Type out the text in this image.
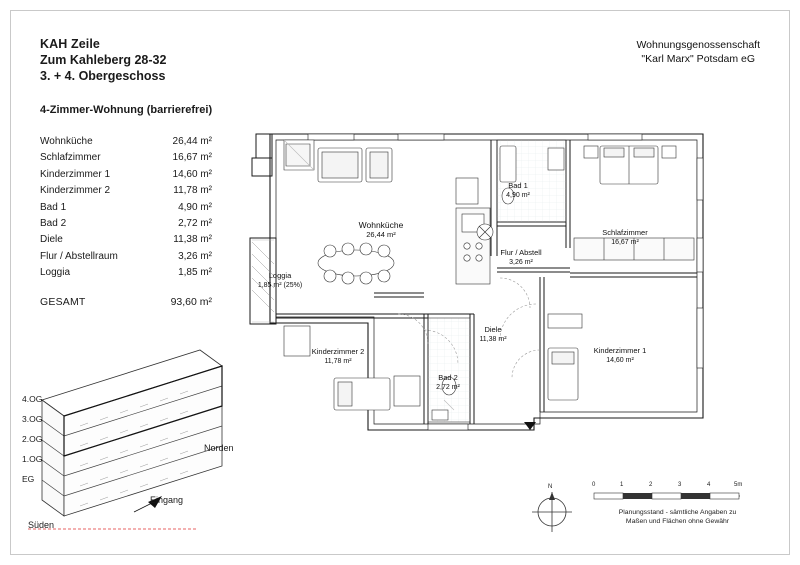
KAH Zeile
Zum Kahleberg 28-32
3. + 4. Obergeschoss
Wohnungsgenossenschaft
"Karl Marx" Potsdam eG
4-Zimmer-Wohnung (barrierefrei)
Wohnküche	26,44 m²
Schlafzimmer	16,67 m²
Kinderzimmer 1	14,60 m²
Kinderzimmer 2	11,78 m²
Bad 1	4,90 m²
Bad 2	2,72 m²
Diele	11,38 m²
Flur / Abstellraum	3,26 m²
Loggia	1,85 m²
GESAMT	93,60 m²
4.OG
3.OG
2.OG
1.OG
EG
Norden
Eingang
Süden
Wohnküche
26,44 m²
Loggia
1,85 m² (25%)
Bad 1
4,90 m²
Schlafzimmer
16,67 m²
Flur / Abstell
3,26 m²
Diele
11,38 m²
Kinderzimmer 1
14,60 m²
Kinderzimmer 2
11,78 m²
Bad 2
2,72 m²
N	0	1	2	3	4	5m
Planungsstand - sämtliche Angaben zu
Maßen und Flächen ohne Gewähr
